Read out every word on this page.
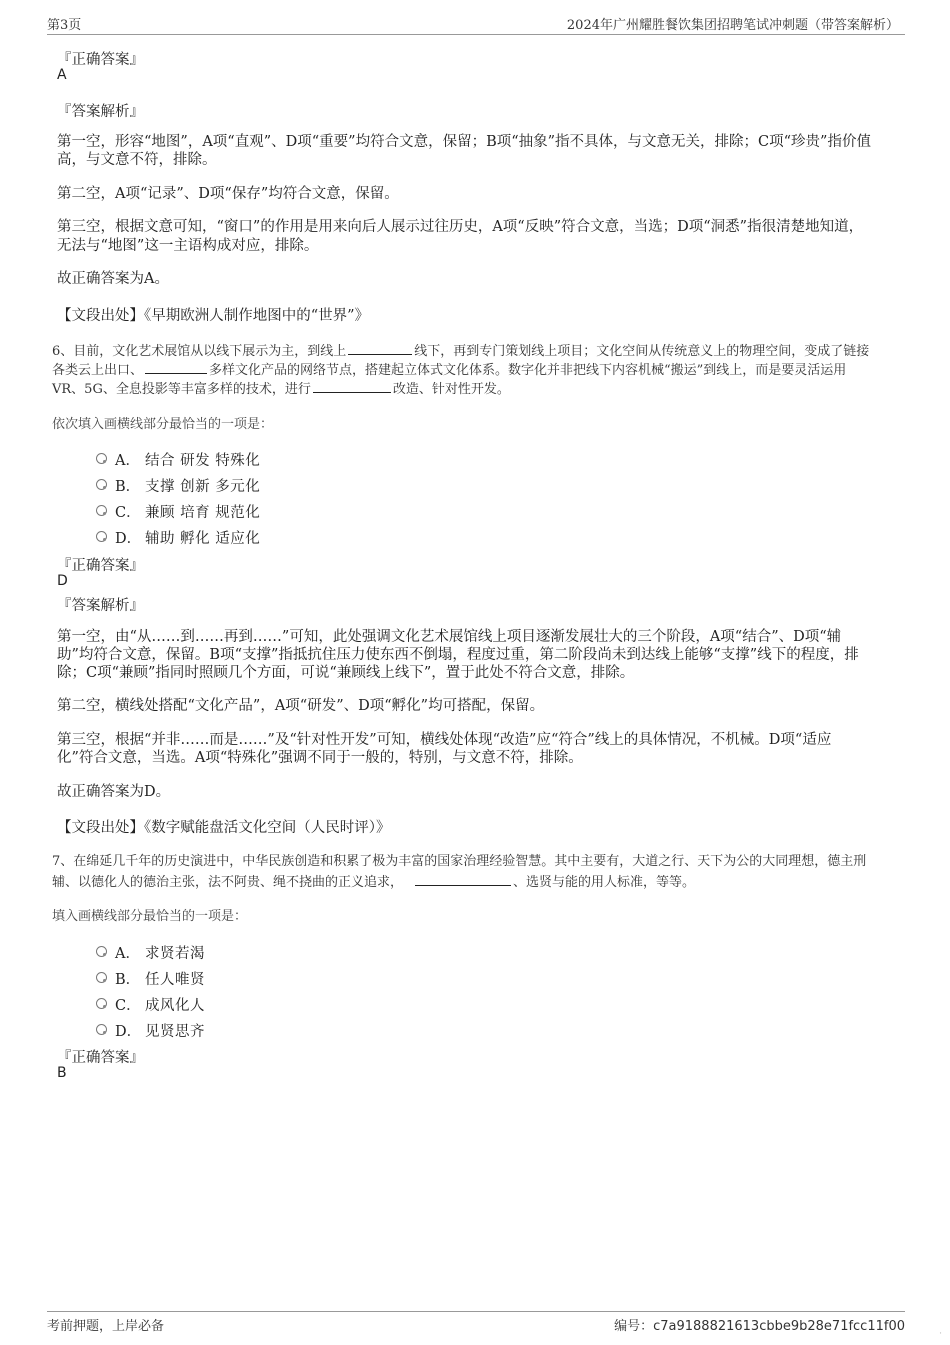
第3页	2024年广州耀胜餐饮集团招聘笔试冲刺题（带答案解析）
『正确答案』
A
『答案解析』
第一空，形容“地图”，A项“直观”、D项“重要”均符合文意，保留；B项“抽象”指不具体，与文意无关，排除；C项“珍贵”指价值
高，与文意不符，排除。
第二空，A项“记录”、D项“保存”均符合文意，保留。
第三空，根据文意可知，“窗口”的作用是用来向后人展示过往历史，A项“反映”符合文意，当选；D项“洞悉”指很清楚地知道，
无法与“地图”这一主语构成对应，排除。
故正确答案为A。
【文段出处】《早期欧洲人制作地图中的“世界”》
6、目前，文化艺术展馆从以线下展示为主，到线上	线下，再到专门策划线上项目；文化空间从传统意义上的物理空间，变成了链接
各类云上出口、	多样文化产品的网络节点，搭建起立体式文化体系。数字化并非把线下内容机械“搬运”到线上，而是要灵活运用
VR、5G、全息投影等丰富多样的技术，进行	改造、针对性开发。
依次填入画横线部分最恰当的一项是：
A． 结合 研发 特殊化
B． 支撑 创新 多元化
C． 兼顾 培育 规范化
D． 辅助 孵化 适应化
『正确答案』
D
『答案解析』
第一空，由“从……到……再到……”可知，此处强调文化艺术展馆线上项目逐渐发展壮大的三个阶段，A项“结合”、D项“辅
助”均符合文意，保留。B项“支撑”指抵抗住压力使东西不倒塌，程度过重，第二阶段尚未到达线上能够“支撑”线下的程度，排
除；C项“兼顾”指同时照顾几个方面，可说“兼顾线上线下”，置于此处不符合文意，排除。
第二空，横线处搭配“文化产品”，A项“研发”、D项“孵化”均可搭配，保留。
第三空，根据“并非……而是……”及“针对性开发”可知，横线处体现“改造”应“符合”线上的具体情况，不机械。D项“适应
化”符合文意，当选。A项“特殊化”强调不同于一般的，特别，与文意不符，排除。
故正确答案为D。
【文段出处】《数字赋能盘活文化空间（人民时评）》
7、在绵延几千年的历史演进中，中华民族创造和积累了极为丰富的国家治理经验智慧。其中主要有，大道之行、天下为公的大同理想，德主刑
辅、以德化人的德治主张，法不阿贵、绳不挠曲的正义追求，	、选贤与能的用人标准，等等。
填入画横线部分最恰当的一项是：
A． 求贤若渴
B． 任人唯贤
C． 成风化人
D． 见贤思齐
『正确答案』
B
考前押题，上岸必备	编号：c7a9188821613cbbe9b28e71fcc11f00	·
